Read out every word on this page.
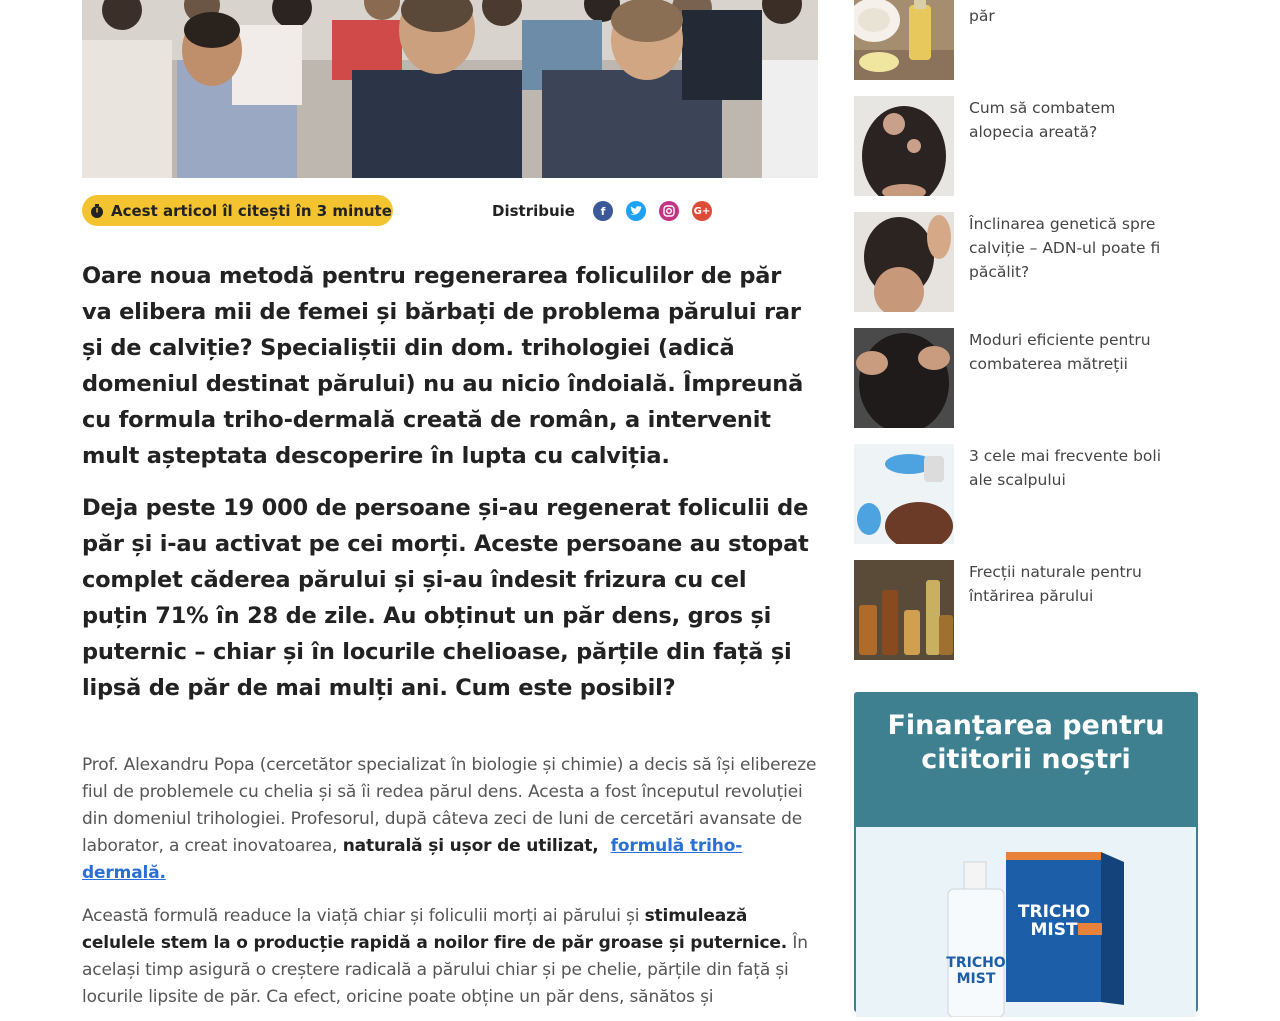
Acest articol îl citești în 3 minute	Distribuie	f	G+

Oare noua metodă pentru regenerarea foliculilor de păr va elibera mii de femei și bărbați de problema părului rar și de calviție? Specialiștii din dom. trihologiei (adică domeniul destinat părului) nu au nicio îndoială. Împreună cu formula triho-dermală creată de român, a intervenit mult așteptata descoperire în lupta cu calviția.

Deja peste 19 000 de persoane și-au regenerat foliculii de păr și i-au activat pe cei morți. Aceste persoane au stopat complet căderea părului și și-au îndesit frizura cu cel puțin 71% în 28 de zile. Au obținut un păr dens, gros și puternic – chiar și în locurile chelioase, părțile din față și lipsă de păr de mai mulți ani. Cum este posibil?

Prof. Alexandru Popa (cercetător specializat în biologie și chimie) a decis să își elibereze fiul de problemele cu chelia și să îi redea părul dens. Acesta a fost începutul revoluției din domeniul trihologiei. Profesorul, după câteva zeci de luni de cercetări avansate de laborator, a creat inovatoarea, naturală și ușor de utilizat, formulă triho-dermală.

Această formulă readuce la viață chiar și foliculii morți ai părului și stimulează celulele stem la o producție rapidă a noilor fire de păr groase și puternice. În același timp asigură o creștere radicală a părului chiar și pe chelie, părțile din față și locurile lipsite de păr. Ca efect, oricine poate obține un păr dens, sănătos și

păr
Cum să combatem alopecia areată?
Înclinarea genetică spre calviție – ADN-ul poate fi păcălit?
Moduri eficiente pentru combaterea mătreții
3 cele mai frecvente boli ale scalpului
Frecții naturale pentru întărirea părului
Finanțarea pentru cititorii noștri
TRICHO
MIST
TRICHO
MIST
